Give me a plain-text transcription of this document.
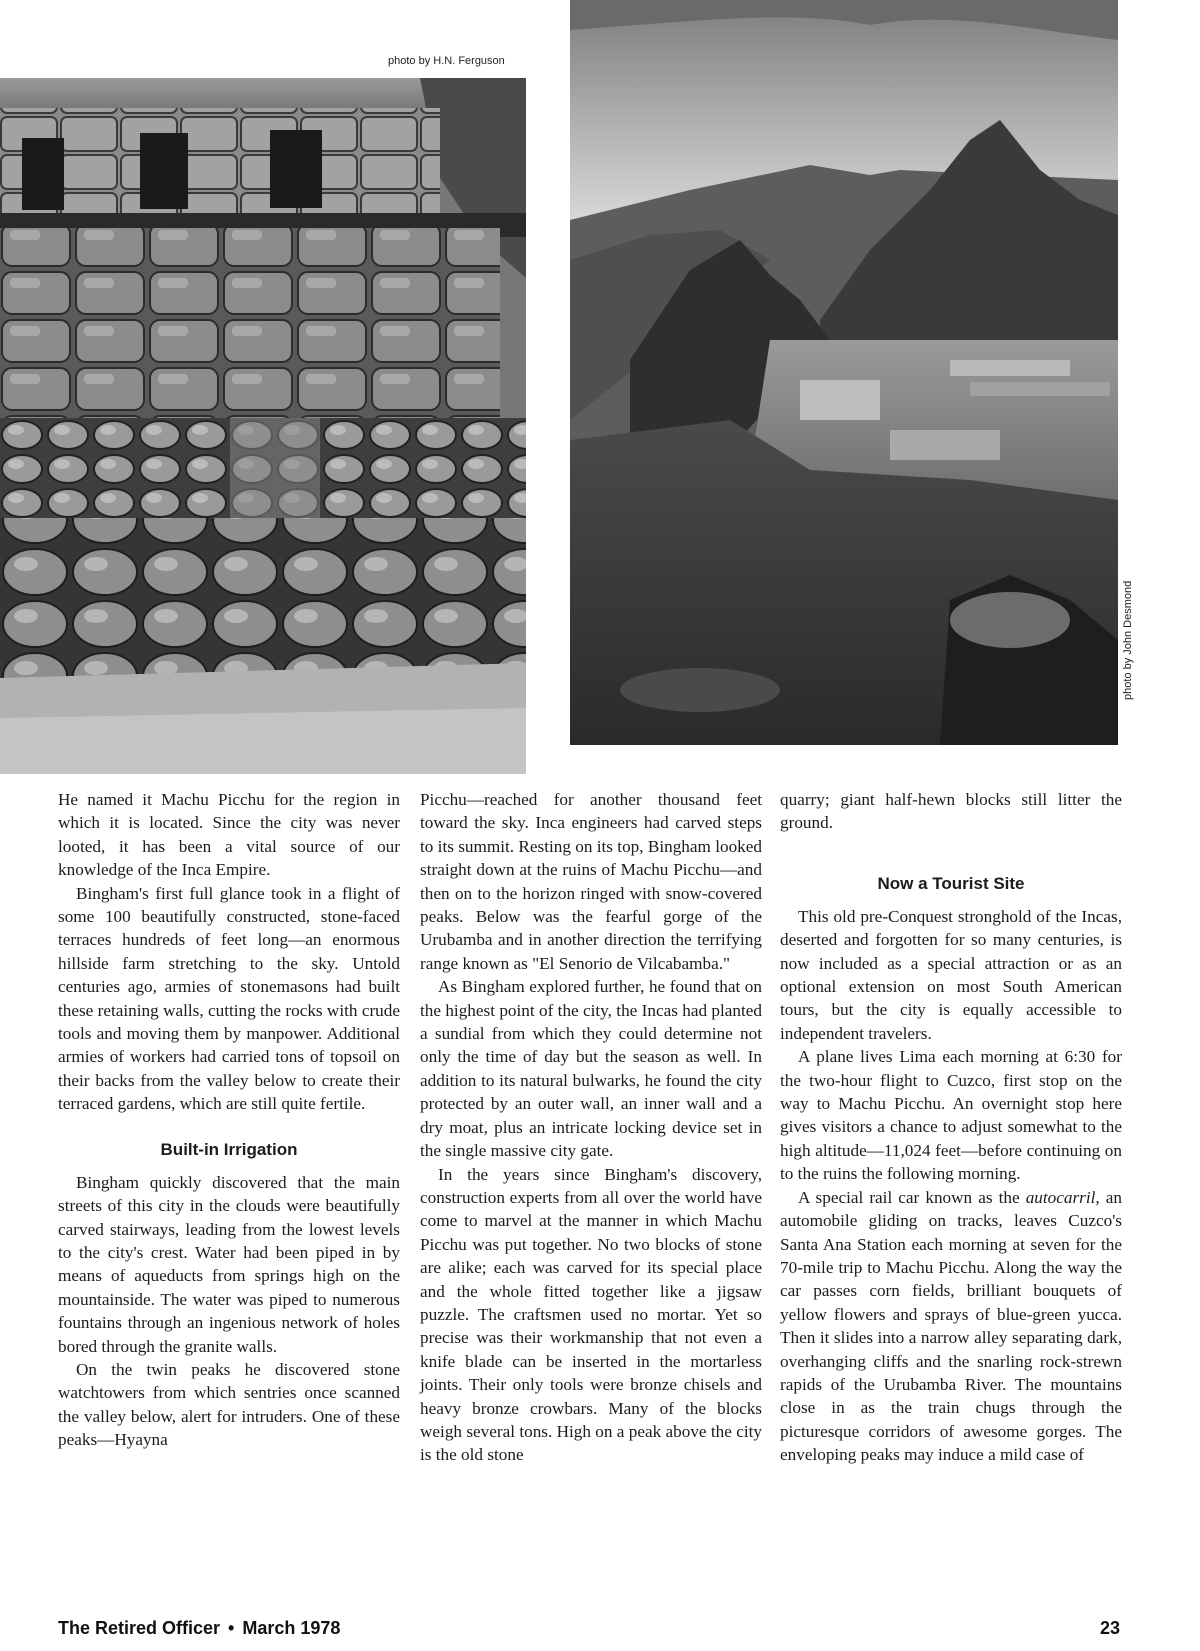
photo by H.N. Ferguson
photo by John Desmond

He named it Machu Picchu for the region in which it is located. Since the city was never looted, it has been a vital source of our knowledge of the Inca Empire.

Bingham's first full glance took in a flight of some 100 beautifully constructed, stone-faced terraces hundreds of feet long—an enormous hillside farm stretching to the sky. Untold centuries ago, armies of stonemasons had built these retaining walls, cutting the rocks with crude tools and moving them by manpower. Additional armies of workers had carried tons of topsoil on their backs from the valley below to create their terraced gardens, which are still quite fertile.

Built-in Irrigation

Bingham quickly discovered that the main streets of this city in the clouds were beautifully carved stairways, leading from the lowest levels to the city's crest. Water had been piped in by means of aqueducts from springs high on the mountainside. The water was piped to numerous fountains through an ingenious network of holes bored through the granite walls.

On the twin peaks he discovered stone watchtowers from which sentries once scanned the valley below, alert for intruders. One of these peaks—Hyayna

Picchu—reached for another thousand feet toward the sky. Inca engineers had carved steps to its summit. Resting on its top, Bingham looked straight down at the ruins of Machu Picchu—and then on to the horizon ringed with snow-covered peaks. Below was the fearful gorge of the Urubamba and in another direction the terrifying range known as "El Senorio de Vilcabamba."

As Bingham explored further, he found that on the highest point of the city, the Incas had planted a sundial from which they could determine not only the time of day but the season as well. In addition to its natural bulwarks, he found the city protected by an outer wall, an inner wall and a dry moat, plus an intricate locking device set in the single massive city gate.

In the years since Bingham's discovery, construction experts from all over the world have come to marvel at the manner in which Machu Picchu was put together. No two blocks of stone are alike; each was carved for its special place and the whole fitted together like a jigsaw puzzle. The craftsmen used no mortar. Yet so precise was their workmanship that not even a knife blade can be inserted in the mortarless joints. Their only tools were bronze chisels and heavy bronze crowbars. Many of the blocks weigh several tons. High on a peak above the city is the old stone

quarry; giant half-hewn blocks still litter the ground.

Now a Tourist Site

This old pre-Conquest stronghold of the Incas, deserted and forgotten for so many centuries, is now included as a special attraction or as an optional extension on most South American tours, but the city is equally accessible to independent travelers.

A plane lives Lima each morning at 6:30 for the two-hour flight to Cuzco, first stop on the way to Machu Picchu. An overnight stop here gives visitors a chance to adjust somewhat to the high altitude—11,024 feet—before continuing on to the ruins the following morning.

A special rail car known as the autocarril, an automobile gliding on tracks, leaves Cuzco's Santa Ana Station each morning at seven for the 70-mile trip to Machu Picchu. Along the way the car passes corn fields, brilliant bouquets of yellow flowers and sprays of blue-green yucca. Then it slides into a narrow alley separating dark, overhanging cliffs and the snarling rock-strewn rapids of the Urubamba River. The mountains close in as the train chugs through the picturesque corridors of awesome gorges. The enveloping peaks may induce a mild case of

The Retired Officer • March 1978	23
